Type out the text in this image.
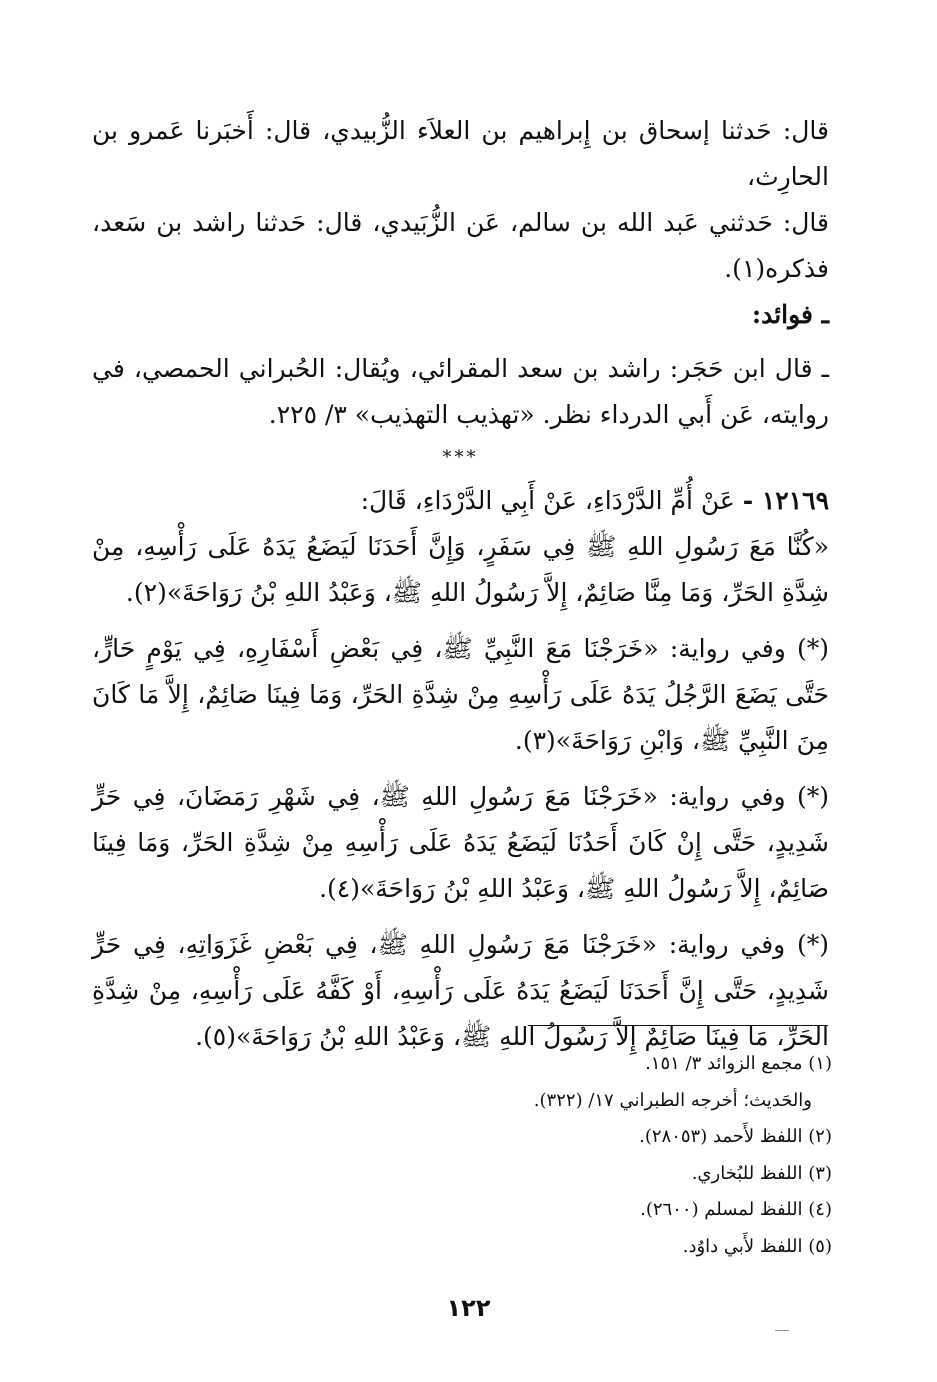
قال: حَدثنا إسحاق بن إِبراهيم بن العلاَء الزُّبيدي، قال: أَخبَرنا عَمرو بن الحارِث،

قال: حَدثني عَبد الله بن سالم، عَن الزُّبَيدي، قال: حَدثنا راشد بن سَعد، فذكره(١).

ـ فوائد:

ـ قال ابن حَجَر: راشد بن سعد المقرائي، ويُقال: الحُبراني الحمصي، في روايته، عَن أَبي الدرداء نظر. «تهذيب التهذيب» ٣/ ٢٢٥.

***

١٢١٦٩ - عَنْ أُمِّ الدَّرْدَاءِ، عَنْ أَبِي الدَّرْدَاءِ، قَالَ:

«كُنَّا مَعَ رَسُولِ اللهِ ﷺ فِي سَفَرٍ، وَإِنَّ أَحَدَنَا لَيَضَعُ يَدَهُ عَلَى رَأْسِهِ، مِنْ شِدَّةِ الحَرِّ، وَمَا مِنَّا صَائِمٌ، إِلاَّ رَسُولُ اللهِ ﷺ، وَعَبْدُ اللهِ بْنُ رَوَاحَةَ»(٢).

(*) وفي رواية: «خَرَجْنَا مَعَ النَّبِيِّ ﷺ، فِي بَعْضِ أَسْفَارِهِ، فِي يَوْمٍ حَارٍّ، حَتَّى يَضَعَ الرَّجُلُ يَدَهُ عَلَى رَأْسِهِ مِنْ شِدَّةِ الحَرِّ، وَمَا فِينَا صَائِمٌ، إِلاَّ مَا كَانَ مِنَ النَّبِيِّ ﷺ، وَابْنِ رَوَاحَةَ»(٣).

(*) وفي رواية: «خَرَجْنَا مَعَ رَسُولِ اللهِ ﷺ، فِي شَهْرِ رَمَضَانَ، فِي حَرٍّ شَدِيدٍ، حَتَّى إِنْ كَانَ أَحَدُنَا لَيَضَعُ يَدَهُ عَلَى رَأْسِهِ مِنْ شِدَّةِ الحَرِّ، وَمَا فِينَا صَائِمٌ، إِلاَّ رَسُولُ اللهِ ﷺ، وَعَبْدُ اللهِ بْنُ رَوَاحَةَ»(٤).

(*) وفي رواية: «خَرَجْنَا مَعَ رَسُولِ اللهِ ﷺ، فِي بَعْضِ غَزَوَاتِهِ، فِي حَرٍّ شَدِيدٍ، حَتَّى إِنَّ أَحَدَنَا لَيَضَعُ يَدَهُ عَلَى رَأْسِهِ، أَوْ كَفَّهُ عَلَى رَأْسِهِ، مِنْ شِدَّةِ الحَرِّ، مَا فِينَا صَائِمٌ إِلاَّ رَسُولُ اللهِ ﷺ، وَعَبْدُ اللهِ بْنُ رَوَاحَةَ»(٥).

(١) مجمع الزوائد ٣/ ١٥١.

والحَديث؛ أخرجه الطبراني ١٧/ (٣٢٢).

(٢) اللفظ لأَحمد (٢٨٠٥٣).

(٣) اللفظ للبُخاري.

(٤) اللفظ لمسلم (٢٦٠٠).

(٥) اللفظ لأَبي داوُد.

١٢٢
